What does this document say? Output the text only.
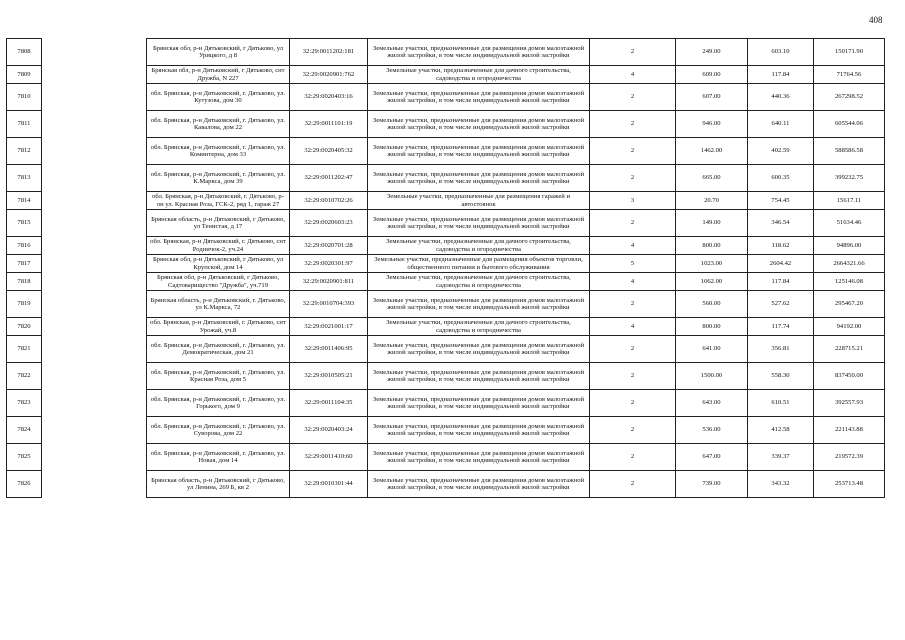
408
7808		Брянская обл, р-н Дятьковский, г Дятьково, ул Урицкого, д 8	32:29:0011202:181	Земельные участки, предназначенные для размещения домов малоэтажной жилой застройки, в том числе индивидуальной жилой застройки	2	249.00	603.10	150171.90
7809		Брянская обл, р-н Дятьковский, г Дятьково, снт Дружба, N 227	32:29:0020901:762	Земельные участки, предназначенные для дачного строительства, садоводства и огородничества	4	609.00	117.84	71764.56
7810		обл. Брянская, р-н Дятьковский, г. Дятьково, ул. Кутузова, дом 30	32:29:0020403:16	Земельные участки, предназначенные для размещения домов малоэтажной жилой застройки, в том числе индивидуальной жилой застройки	2	607.00	440.36	267298.52
7811		обл. Брянская, р-н Дятьковский, г. Дятьково, ул. Кавалова, дом 22	32:29:0011101:19	Земельные участки, предназначенные для размещения домов малоэтажной жилой застройки, в том числе индивидуальной жилой застройки	2	946.00	640.11	605544.06
7812		обл. Брянская, р-н Дятьковский, г. Дятьково, ул. Коминтерна, дом 33	32:29:0020405:32	Земельные участки, предназначенные для размещения домов малоэтажной жилой застройки, в том числе индивидуальной жилой застройки	2	1462.00	402.59	588586.58
7813		обл. Брянская, р-н Дятьковский, г. Дятьково, ул. К.Маркса, дом 39	32:29:0011202:47	Земельные участки, предназначенные для размещения домов малоэтажной жилой застройки, в том числе индивидуальной жилой застройки	2	665.00	600.35	399232.75
7814		обл. Брянская, р-н Дятьковский, г. Дятьково, р-он ул. Красная Роза, ГСК-2, ряд 1, гараж 27	32:29:0010702:26	Земельные участки, предназначенные для размещения гаражей и автостоянок	3	20.70	754.45	15617.11
7815		Брянская область, р-н Дятьковский, г Дятьково, ул Тенистая, д 17	32:29:0020603:23	Земельные участки, предназначенные для размещения домов малоэтажной жилой застройки, в том числе индивидуальной жилой застройки	2	149.00	346.54	51634.46
7816		обл. Брянская, р-н Дятьковский, г. Дятьково, снт Родничок-2, уч.24	32:29:0020701:28	Земельные участки, предназначенные для дачного строительства, садоводства и огородничества	4	800.00	118.62	94896.00
7817		Брянская обл, р-н Дятьковский, г Дятьково, ул Крупской, дом 14	32:29:0020301:97	Земельные участки, предназначенные для размещения объектов торговли, общественного питания и бытового обслуживания	5	1023.00	2604.42	2664321.66
7818		Брянская обл, р-н Дятьковский, г Дятьково, Садтоварищество "Дружба", уч.719	32:29:0020901:811	Земельные участки, предназначенные для дачного строительства, садоводства и огородничества	4	1062.00	117.84	125146.08
7819		Брянская область, р-н Дятьковский, г. Дятьково, ул К.Маркса, 72	32:29:0010704:393	Земельные участки, предназначенные для размещения домов малоэтажной жилой застройки, в том числе индивидуальной жилой застройки	2	560.00	527.62	295467.20
7820		обл. Брянская, р-н Дятьковский, г. Дятьково, снт Урожай, уч.8	32:29:0021001:17	Земельные участки, предназначенные для дачного строительства, садоводства и огородничества	4	800.00	117.74	94192.00
7821		обл. Брянская, р-н Дятьковский, г. Дятьково, ул. Демократическая, дом 21	32:29:0011406:95	Земельные участки, предназначенные для размещения домов малоэтажной жилой застройки, в том числе индивидуальной жилой застройки	2	641.00	356.81	228715.21
7822		обл. Брянская, р-н Дятьковский, г. Дятьково, ул. Красная Роза, дом 5	32:29:0010505:21	Земельные участки, предназначенные для размещения домов малоэтажной жилой застройки, в том числе индивидуальной жилой застройки	2	1500.00	558.30	837450.00
7823		обл. Брянская, р-н Дятьковский, г. Дятьково, ул. Горького, дом 9	32:29:0011104:35	Земельные участки, предназначенные для размещения домов малоэтажной жилой застройки, в том числе индивидуальной жилой застройки	2	643.00	610.51	392557.93
7824		обл. Брянская, р-н Дятьковский, г. Дятьково, ул. Суворова, дом 22	32:29:0020403:24	Земельные участки, предназначенные для размещения домов малоэтажной жилой застройки, в том числе индивидуальной жилой застройки	2	536.00	412.58	221143.88
7825		обл. Брянская, р-н Дятьковский, г. Дятьково, ул. Новая, дом 14	32:29:0011410:60	Земельные участки, предназначенные для размещения домов малоэтажной жилой застройки, в том числе индивидуальной жилой застройки	2	647.00	339.37	219572.39
7826		Брянская область, р-н Дятьковский, г Дятьково, ул Ленина, 269 Б, кв 2	32:29:0010301:44	Земельные участки, предназначенные для размещения домов малоэтажной жилой застройки, в том числе индивидуальной жилой застройки	2	739.00	343.32	253713.48
